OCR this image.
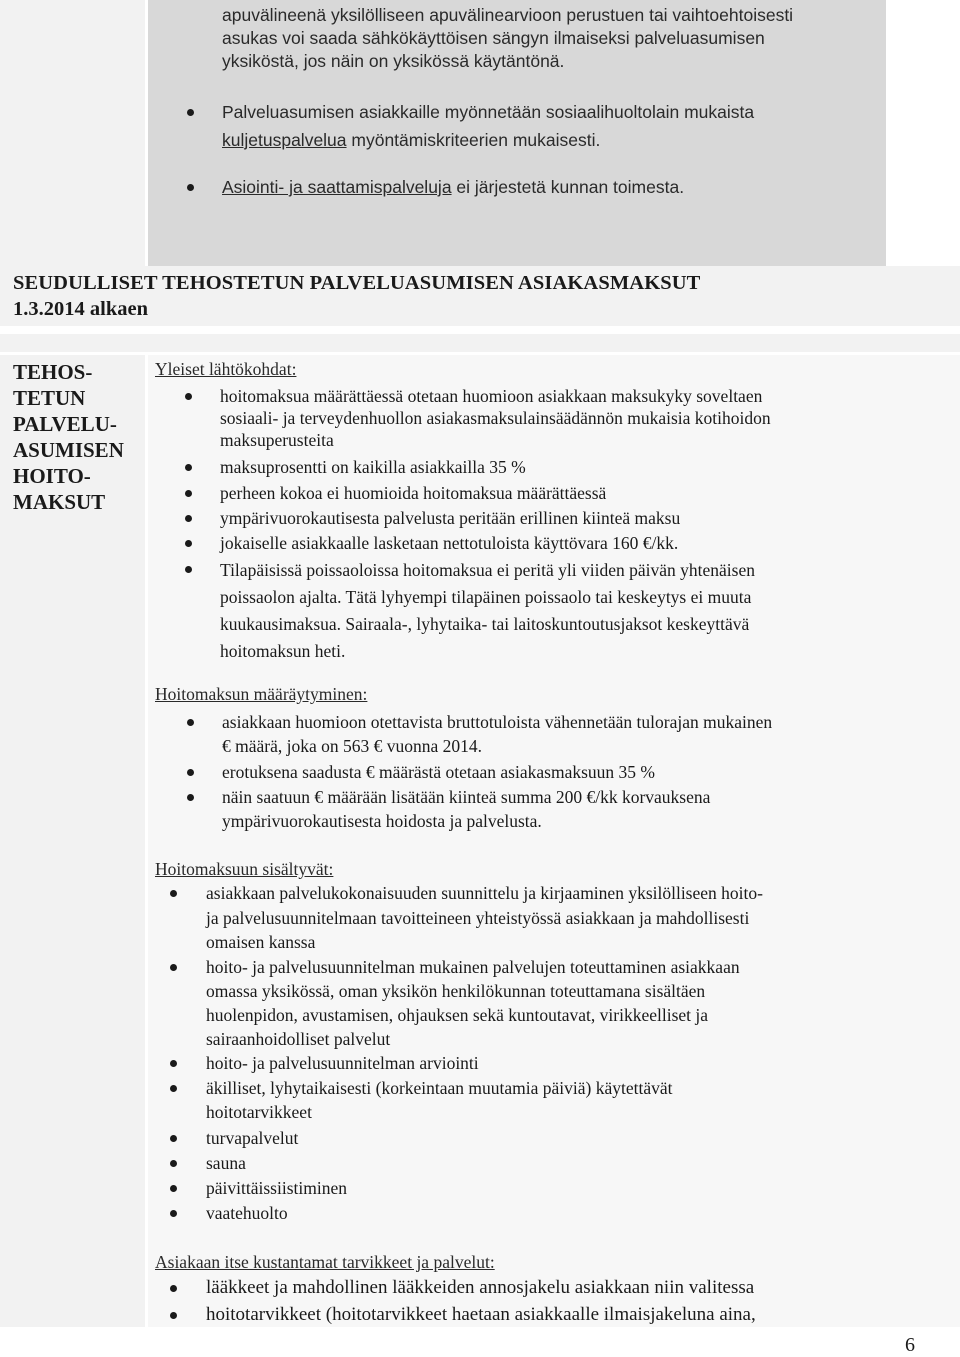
apuvälineenä yksilölliseen apuvälinearvioon perustuen tai vaihtoehtoisesti
asukas voi saada sähkökäyttöisen sängyn ilmaiseksi palveluasumisen
yksiköstä, jos näin on yksikössä käytäntönä.
Palveluasumisen asiakkaille myönnetään sosiaalihuoltolain mukaista
kuljetuspalvelua myöntämiskriteerien mukaisesti.
Asiointi- ja saattamispalveluja ei järjestetä kunnan toimesta.
SEUDULLISET TEHOSTETUN PALVELUASUMISEN ASIAKASMAKSUT
1.3.2014 alkaen
TEHOS-
TETUN
PALVELU-
ASUMISEN
HOITO-
MAKSUT
Yleiset lähtökohdat:
hoitomaksua määrättäessä otetaan huomioon asiakkaan maksukyky soveltaen
sosiaali- ja terveydenhuollon asiakasmaksulainsäädännön mukaisia kotihoidon
maksuperusteita
maksuprosentti on kaikilla asiakkailla 35 %
perheen kokoa ei huomioida hoitomaksua määrättäessä
ympärivuorokautisesta palvelusta peritään erillinen kiinteä maksu
jokaiselle asiakkaalle lasketaan nettotuloista käyttövara 160 €/kk.
Tilapäisissä poissaoloissa hoitomaksua ei peritä yli viiden päivän yhtenäisen
poissaolon ajalta. Tätä lyhyempi tilapäinen poissaolo tai keskeytys ei muuta
kuukausimaksua. Sairaala-, lyhytaika- tai laitoskuntoutusjaksot keskeyttävä
hoitomaksun heti.
Hoitomaksun määräytyminen:
asiakkaan huomioon otettavista bruttotuloista vähennetään tulorajan mukainen
€ määrä, joka on 563 € vuonna 2014.
erotuksena saadusta € määrästä otetaan asiakasmaksuun 35 %
näin saatuun € määrään lisätään kiinteä summa 200 €/kk korvauksena
ympärivuorokautisesta hoidosta ja palvelusta.
Hoitomaksuun sisältyvät:
asiakkaan palvelukokonaisuuden suunnittelu ja kirjaaminen yksilölliseen hoito-
ja palvelusuunnitelmaan tavoitteineen yhteistyössä asiakkaan ja mahdollisesti
omaisen kanssa
hoito- ja palvelusuunnitelman mukainen palvelujen toteuttaminen asiakkaan
omassa yksikössä, oman yksikön henkilökunnan toteuttamana sisältäen
huolenpidon, avustamisen, ohjauksen sekä kuntoutavat, virikkeelliset ja
sairaanhoidolliset palvelut
hoito- ja palvelusuunnitelman arviointi
äkilliset, lyhytaikaisesti (korkeintaan muutamia päiviä) käytettävät
hoitotarvikkeet
turvapalvelut
sauna
päivittäissiistiminen
vaatehuolto
Asiakaan itse kustantamat tarvikkeet ja palvelut:
lääkkeet ja mahdollinen lääkkeiden annosjakelu asiakkaan niin valitessa
hoitotarvikkeet (hoitotarvikkeet haetaan asiakkaalle ilmaisjakeluna aina,
6
